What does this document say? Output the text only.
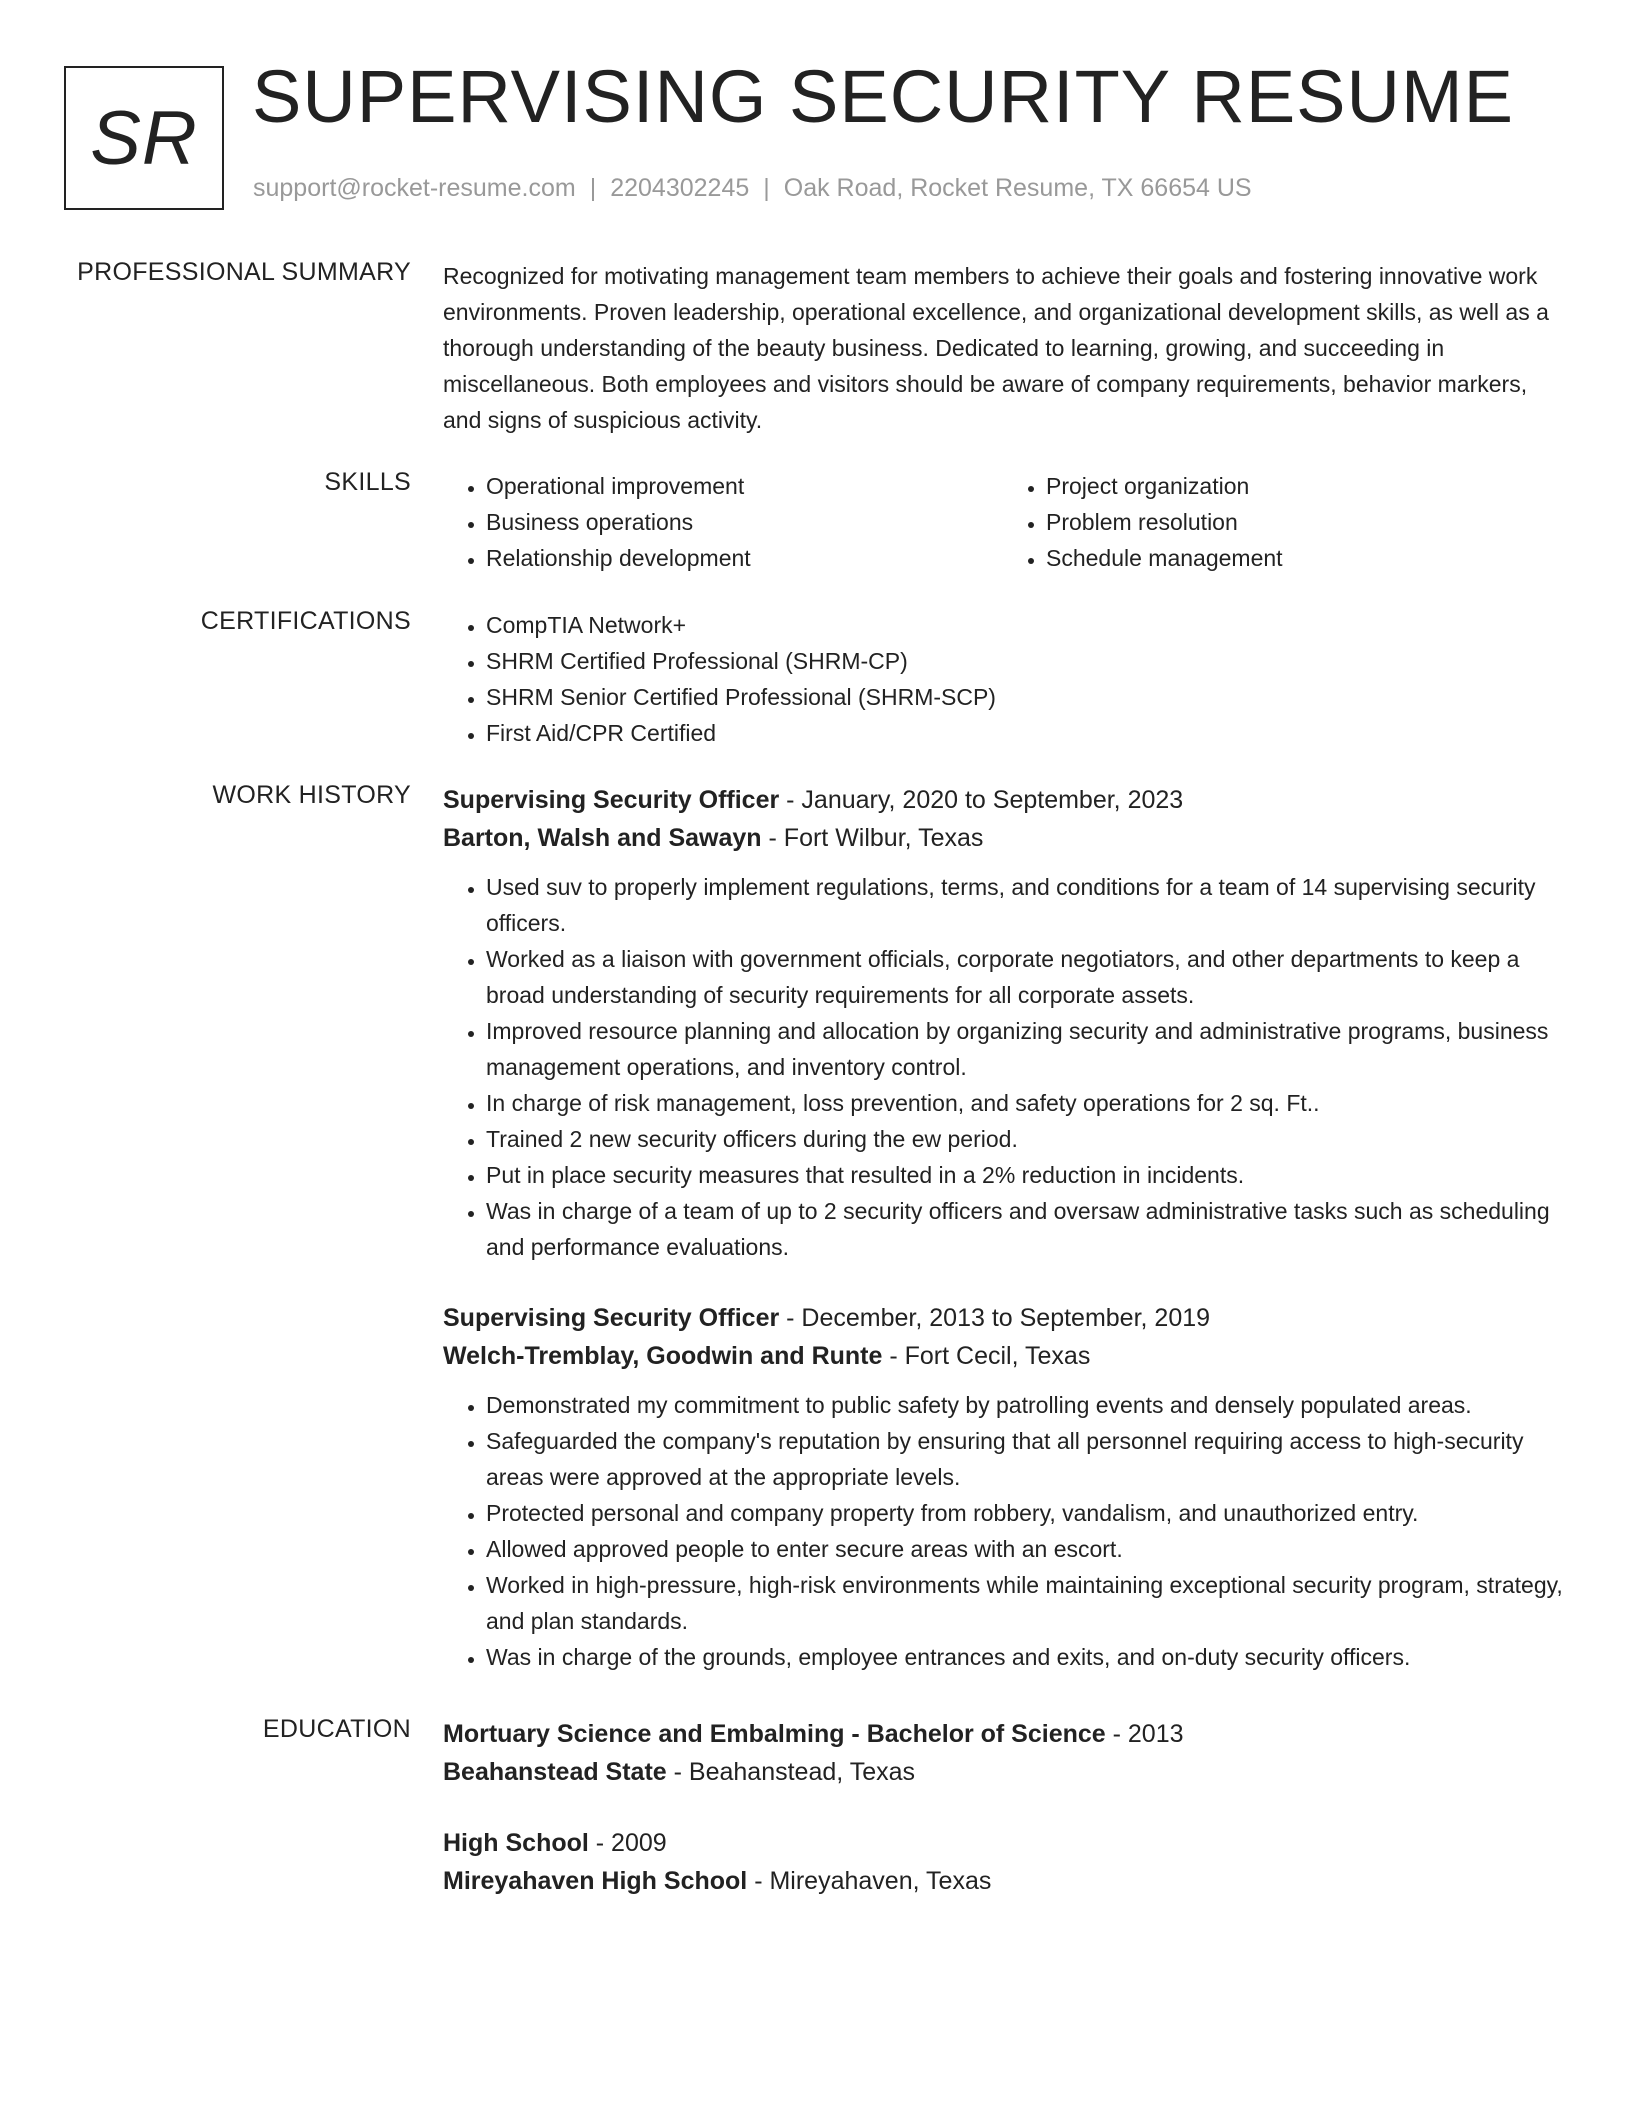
SR SUPERVISING SECURITY RESUME
support@rocket-resume.com | 2204302245 | Oak Road, Rocket Resume, TX 66654 US
PROFESSIONAL SUMMARY Recognized for motivating management team members to achieve their goals and fostering innovative work environments. Proven leadership, operational excellence, and organizational development skills, as well as a thorough understanding of the beauty business. Dedicated to learning, growing, and succeeding in miscellaneous. Both employees and visitors should be aware of company requirements, behavior markers, and signs of suspicious activity.

SKILLS	• Operational improvement
• Business operations
• Relationship development
• Project organization
• Problem resolution
• Schedule management
CERTIFICATIONS	• CompTIA Network+
• SHRM Certified Professional (SHRM-CP)
• SHRM Senior Certified Professional (SHRM-SCP)
• First Aid/CPR Certified
WORK HISTORY Supervising Security Officer - January, 2020 to September, 2023
Barton, Walsh and Sawayn - Fort Wilbur, Texas
• Used suv to properly implement regulations, terms, and conditions for a team of 14 supervising security officers.
• Worked as a liaison with government officials, corporate negotiators, and other departments to keep a broad understanding of security requirements for all corporate assets.
• Improved resource planning and allocation by organizing security and administrative programs, business management operations, and inventory control.
• In charge of risk management, loss prevention, and safety operations for 2 sq. Ft..
• Trained 2 new security officers during the ew period.
• Put in place security measures that resulted in a 2% reduction in incidents.
• Was in charge of a team of up to 2 security officers and oversaw administrative tasks such as scheduling and performance evaluations.
Supervising Security Officer - December, 2013 to September, 2019
Welch-Tremblay, Goodwin and Runte - Fort Cecil, Texas
• Demonstrated my commitment to public safety by patrolling events and densely populated areas.
• Safeguarded the company's reputation by ensuring that all personnel requiring access to high-security areas were approved at the appropriate levels.
• Protected personal and company property from robbery, vandalism, and unauthorized entry.
• Allowed approved people to enter secure areas with an escort.
• Worked in high-pressure, high-risk environments while maintaining exceptional security program, strategy, and plan standards.
• Was in charge of the grounds, employee entrances and exits, and on-duty security officers.
EDUCATION Mortuary Science and Embalming - Bachelor of Science - 2013
Beahanstead State - Beahanstead, Texas
High School - 2009
Mireyahaven High School - Mireyahaven, Texas
